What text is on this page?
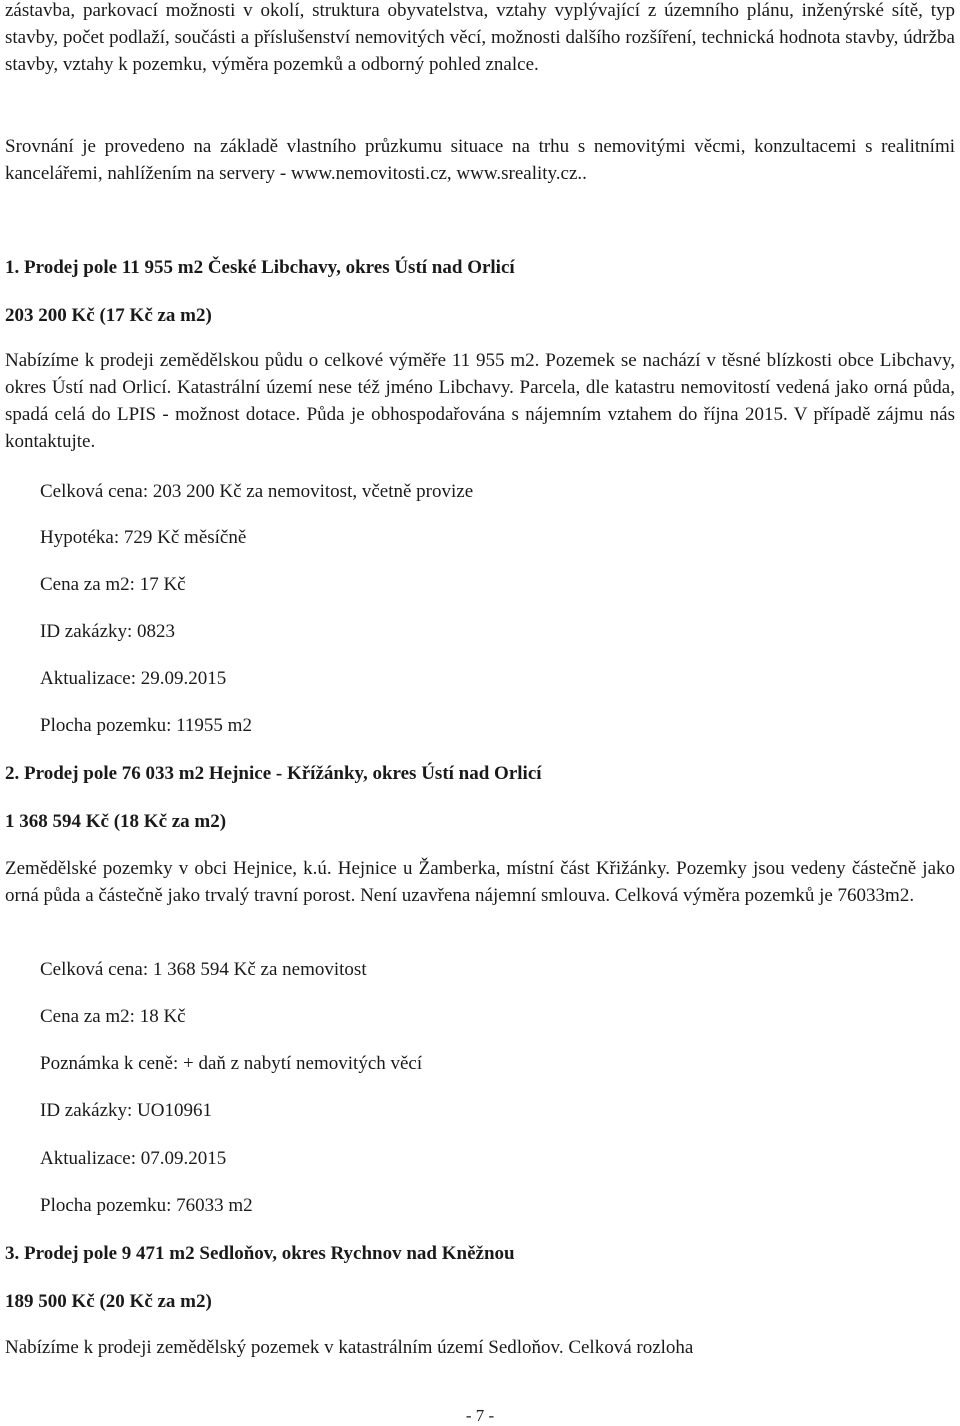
zástavba, parkovací možnosti v okolí, struktura obyvatelstva, vztahy vyplývající z územního plánu, inženýrské sítě, typ stavby, počet podlaží, součásti a příslušenství nemovitých věcí, možnosti dalšího rozšíření, technická hodnota stavby, údržba stavby, vztahy k pozemku, výměra pozemků a odborný pohled znalce.

Srovnání je provedeno na základě vlastního průzkumu situace na trhu s nemovitými věcmi, konzultacemi s realitními kancelářemi, nahlížením na servery - www.nemovitosti.cz, www.sreality.cz..

1. Prodej pole 11 955 m2 České Libchavy, okres Ústí nad Orlicí

203 200 Kč (17 Kč za m2)

Nabízíme k prodeji zemědělskou půdu o celkové výměře 11 955 m2. Pozemek se nachází v těsné blízkosti obce Libchavy, okres Ústí nad Orlicí. Katastrální území nese též jméno Libchavy. Parcela, dle katastru nemovitostí vedená jako orná půda, spadá celá do LPIS - možnost dotace. Půda je obhospodařována s nájemním vztahem do října 2015. V případě zájmu nás kontaktujte.

Celková cena: 203 200 Kč za nemovitost, včetně provize

Hypotéka: 729 Kč měsíčně

Cena za m2: 17 Kč

ID zakázky: 0823

Aktualizace: 29.09.2015

Plocha pozemku: 11955 m2

2. Prodej pole 76 033 m2 Hejnice - Křížánky, okres Ústí nad Orlicí

1 368 594 Kč (18 Kč za m2)

Zemědělské pozemky v obci Hejnice, k.ú. Hejnice u Žamberka, místní část Křižánky. Pozemky jsou vedeny částečně jako orná půda a částečně jako trvalý travní porost. Není uzavřena nájemní smlouva. Celková výměra pozemků je 76033m2.

Celková cena: 1 368 594 Kč za nemovitost

Cena za m2: 18 Kč

Poznámka k ceně: + daň z nabytí nemovitých věcí

ID zakázky: UO10961

Aktualizace: 07.09.2015

Plocha pozemku: 76033 m2

3. Prodej pole 9 471 m2 Sedloňov, okres Rychnov nad Kněžnou

189 500 Kč (20 Kč za m2)

Nabízíme k prodeji zemědělský pozemek v katastrálním území Sedloňov. Celková rozloha

- 7 -
